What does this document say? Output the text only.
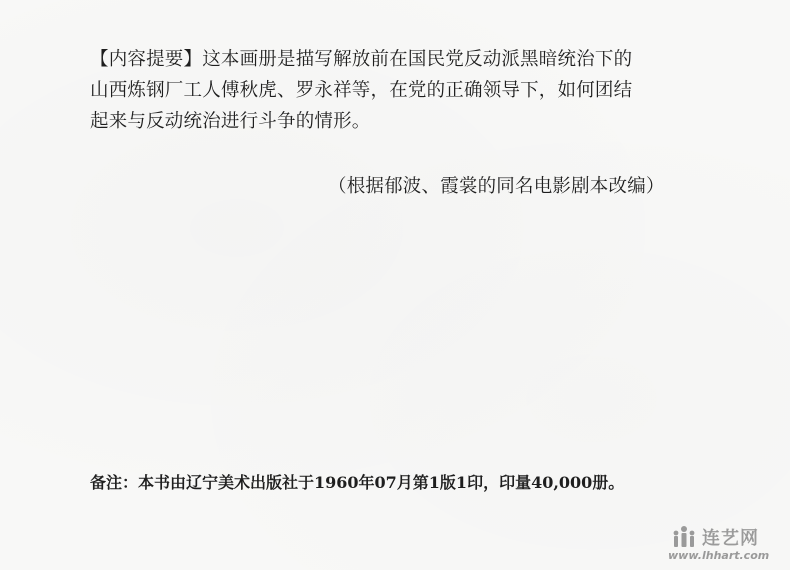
【内容提要】这本画册是描写解放前在国民党反动派黑暗统治下的
山西炼钢厂工人傅秋虎、罗永祥等，在党的正确领导下，如何团结
起来与反动统治进行斗争的情形。

（根据郁波、霞裳的同名电影剧本改编）
备注：本书由辽宁美术出版社于1960年07月第1版1印，印量40,000册。
连艺网
www.lhhart.com
